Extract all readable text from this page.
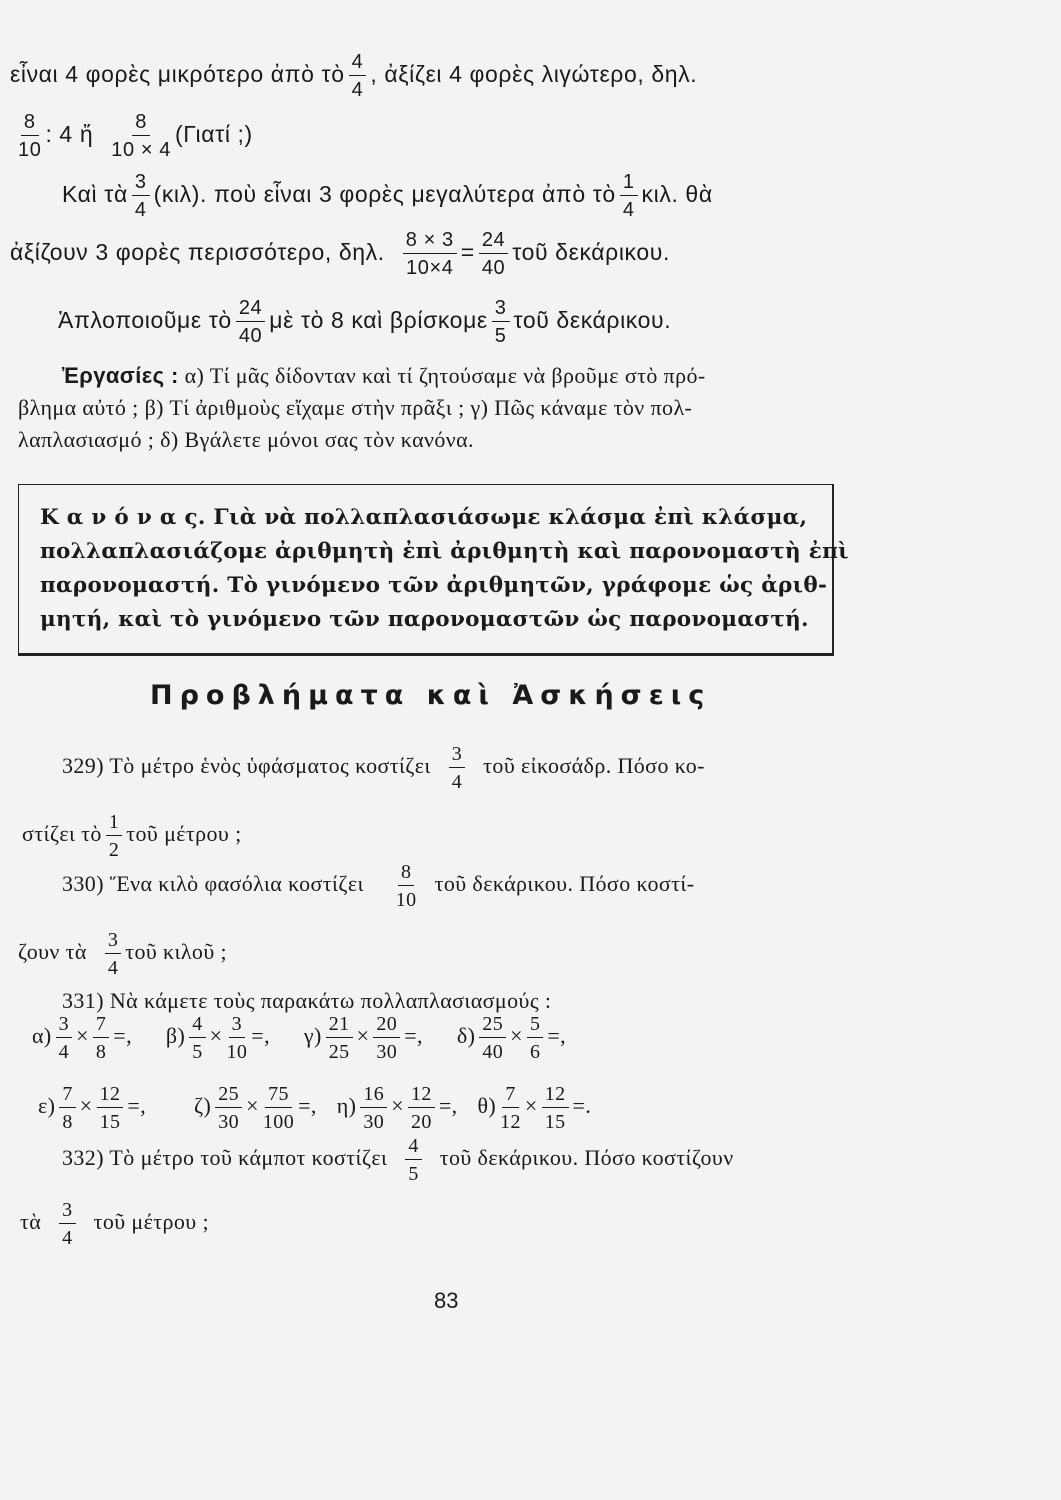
εἶναι 4 φορὲς μικρότερο ἀπὸ τὸ $\frac{4}{4}$ , ἀξίζει 4 φορὲς λιγώτερο, δηλ.
$\frac{8}{10}$ : 4 ἤ $\frac{8}{10 \times 4} (\Gamma\iota\alpha\tau ί$ ;)
Καὶ τὰ $\frac{3}{4} (\kappa\iota\lambda)$. ποὺ εἶναι 3 φορὲς μεγαλύτερα ἀπὸ τὸ $\frac{1}{4} \kappa\iota\lambda$. θὰ
ἀξίζουν 3 φορὲς περισσότερο, δηλ. $\frac{8 \times 3}{10\times 4} = \frac{24}{40}$ τοῦ δεκάρικου.
Ἁπλοποιοῦμε τὸ $\frac{24}{40}$ μὲ τὸ 8 καὶ βρίσκομε $\frac{3}{5}$ τοῦ δεκάρικου.
Ἐργασίες : α) Τί μᾶς δίδονταν καὶ τί ζητούσαμε νὰ βροῦμε στὸ πρό-
βλημα αὐτό ; β) Τί ἀριθμοὺς εἴχαμε στὴν πρᾶξι ; γ) Πῶς κάναμε τὸν πολ-
λαπλασιασμό ; δ) Βγάλετε μόνοι σας τὸν κανόνα.
Κ α ν ό ν α ς. Γιὰ νὰ πολλαπλασιάσωμε κλάσμα ἐπὶ κλάσμα,
πολλαπλασιάζομε ἀριθμητὴ ἐπὶ ἀριθμητὴ καὶ παρονομαστὴ ἐπὶ
παρονομαστή. Τὸ γινόμενο τῶν ἀριθμητῶν, γράφομε ὡς ἀριθ-
μητή, καὶ τὸ γινόμενο τῶν παρονομαστῶν ὡς παρονομαστή.
Προβλήματα καὶ Ἀσκήσεις
329) Τὸ μέτρο ἑνὸς ὑφάσματος κοστίζει $\frac{3}{4}$ τοῦ εἰκοσάδρ. Πόσο κο-
στίζει τὸ $\frac{1}{2}$ τοῦ μέτρου ;
330) Ἕνα κιλὸ φασόλια κοστίζει $\frac{8}{10}$ τοῦ δεκάρικου. Πόσο κοστί-
ζουν τὰ $\frac{3}{4}$ τοῦ κιλοῦ ;
331) Νὰ κάμετε τοὺς παρακάτω πολλαπλασιασμούς :
$\alpha) \frac{3}{4} \times \frac{7}{8}$ =, $\beta) \frac{4}{5} \times \frac{3}{10}$ =, $\gamma) \frac{21}{25} \times \frac{20}{30}$ =, $\delta) \frac{25}{40} \times \frac{5}{6}$ =,
$\varepsilon) \frac{7}{8} \times \frac{12}{15}$ =, $\zeta) \frac{25}{30} \times \frac{75}{100}$ =, $\eta) \frac{16}{30} \times \frac{12}{20}$ =, $\theta) \frac{7}{12} \times \frac{12}{15}$ =.
332) Τὸ μέτρο τοῦ κάμποτ κοστίζει $\frac{4}{5}$ τοῦ δεκάρικου. Πόσο κοστίζουν
τὰ $\frac{3}{4}$ τοῦ μέτρου ;
83
